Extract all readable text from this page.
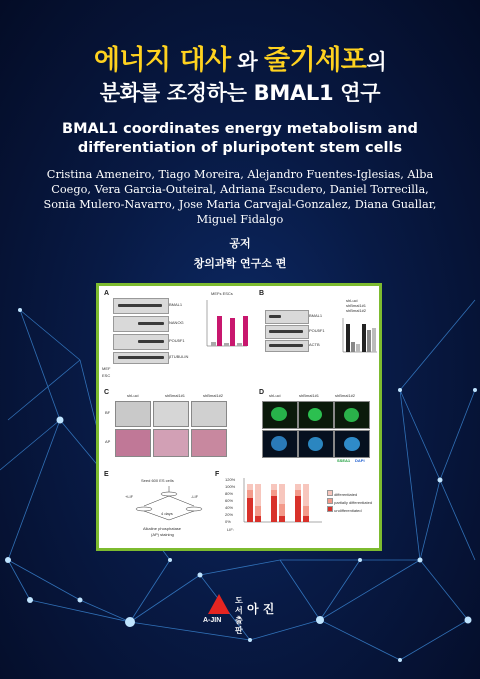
에너지 대사 와 줄기세포의
분화를 조정하는 BMAL1 연구
BMAL1 coordinates energy metabolism and
differentiation of pluripotent stem cells
Cristina Ameneiro, Tiago Moreira, Alejandro Fuentes-Iglesias, Alba Coego, Vera Garcia-Outeiral, Adriana Escudero, Daniel Torrecilla, Sonia Mulero-Navarro, Jose Maria Carvajal-Gonzalez, Diana Guallar, Miguel Fidalgo
공저
창의과학 연구소 편
A
BMAL1
NANOG
POU5F1
βTUBULIN
MEF
ESC
MEFs ESCs	B
BMAL1
POU5F1
ACTB
shLuci
shBmal1#1
shBmal1#2
C	shLuci	shBmal1#1	shBmal1#2
BF
AP
D shLuci	shBmal1#1	shBmal1#2
SSEA1 DAPI
E
Seed 600 ES cells
+LIF	-LIF
4 days
Alkaline phosphatase
(AP) staining
F
120%
100%
80%
60%
40%
20%
0%
LIF:
differentiated
partially differentiated
undifferentiated
A-JIN
도서출판
아 진
